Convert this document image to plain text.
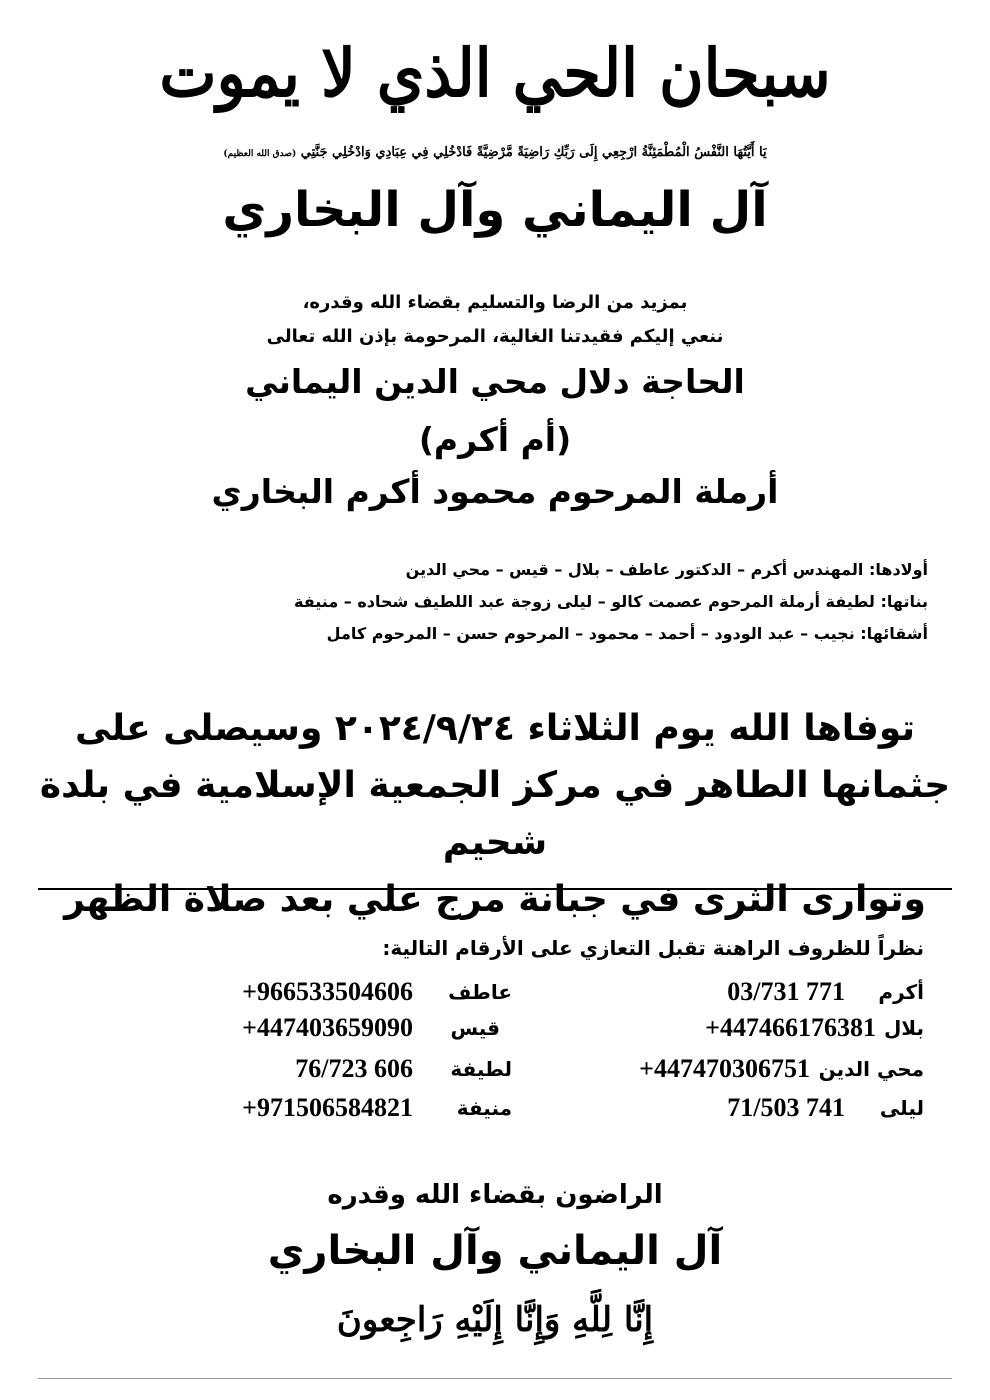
سبحان الحي الذي لا يموت
يَا أَيَّتُهَا النَّفْسُ الْمُطْمَئِنَّةُ ارْجِعِي إِلَى رَبِّكِ رَاضِيَةً مَّرْضِيَّةً فَادْخُلِي فِي عِبَادِي وَادْخُلِي جَنَّتِي (صدق الله العظيم)
آل اليماني وآل البخاري
بمزيد من الرضا والتسليم بقضاء الله وقدره،
ننعي إليكم فقيدتنا الغالية، المرحومة بإذن الله تعالى
الحاجة دلال محي الدين اليماني
(أم أكرم)
أرملة المرحوم محمود أكرم البخاري
أولادها: المهندس أكرم – الدكتور عاطف – بلال – قيس – محي الدين
بناتها: لطيفة أرملة المرحوم عصمت كالو – ليلى زوجة عبد اللطيف شحاده – منيفة
أشقائها: نجيب – عبد الودود – أحمد – محمود – المرحوم حسن – المرحوم كامل
توفاها الله يوم الثلاثاء ٢٠٢٤/٩/٢٤ وسيصلى على
جثمانها الطاهر في مركز الجمعية الإسلامية في بلدة شحيم
وتوارى الثرى في جبانة مرج علي بعد صلاة الظهر
نظراً للظروف الراهنة تقبل التعازي على الأرقام التالية:
أكرم
03/731 771
بلال
+447466176381
محي الدين
+447470306751
ليلى
71/503 741
عاطف
+966533504606
قيس
+447403659090
لطيفة
76/723 606
منيفة
+971506584821
الراضون بقضاء الله وقدره
آل اليماني وآل البخاري
إِنَّا لِلَّهِ وَإِنَّا إِلَيْهِ رَاجِعونَ
